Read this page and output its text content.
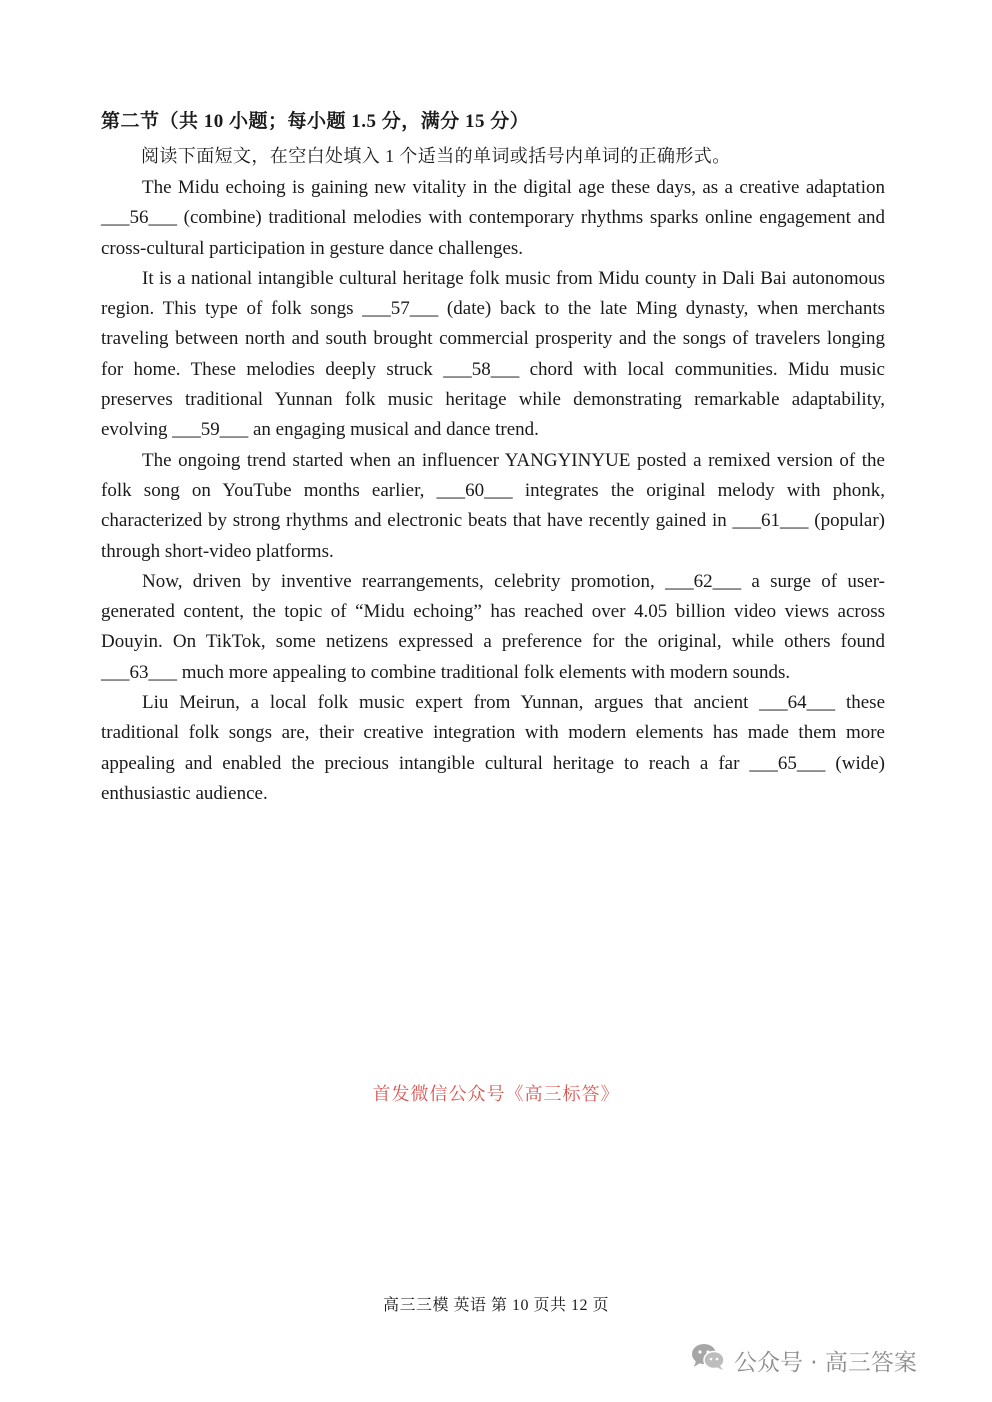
第二节（共 10 小题；每小题 1.5 分，满分 15 分）
阅读下面短文，在空白处填入 1 个适当的单词或括号内单词的正确形式。

The Midu echoing is gaining new vitality in the digital age these days, as a creative adaptation ___56___ (combine) traditional melodies with contemporary rhythms sparks online engagement and cross-cultural participation in gesture dance challenges.

It is a national intangible cultural heritage folk music from Midu county in Dali Bai autonomous region. This type of folk songs ___57___ (date) back to the late Ming dynasty, when merchants traveling between north and south brought commercial prosperity and the songs of travelers longing for home. These melodies deeply struck ___58___ chord with local communities. Midu music preserves traditional Yunnan folk music heritage while demonstrating remarkable adaptability, evolving ___59___ an engaging musical and dance trend.

The ongoing trend started when an influencer YANGYINYUE posted a remixed version of the folk song on YouTube months earlier, ___60___ integrates the original melody with phonk, characterized by strong rhythms and electronic beats that have recently gained in ___61___ (popular) through short-video platforms.

Now, driven by inventive rearrangements, celebrity promotion, ___62___ a surge of user-generated content, the topic of “Midu echoing” has reached over 4.05 billion video views across Douyin. On TikTok, some netizens expressed a preference for the original, while others found ___63___ much more appealing to combine traditional folk elements with modern sounds.

Liu Meirun, a local folk music expert from Yunnan, argues that ancient ___64___ these traditional folk songs are, their creative integration with modern elements has made them more appealing and enabled the precious intangible cultural heritage to reach a far ___65___ (wide) enthusiastic audience.

首发微信公众号《高三标答》
高三三模 英语 第 10 页共 12 页
公众号 · 高三答案
